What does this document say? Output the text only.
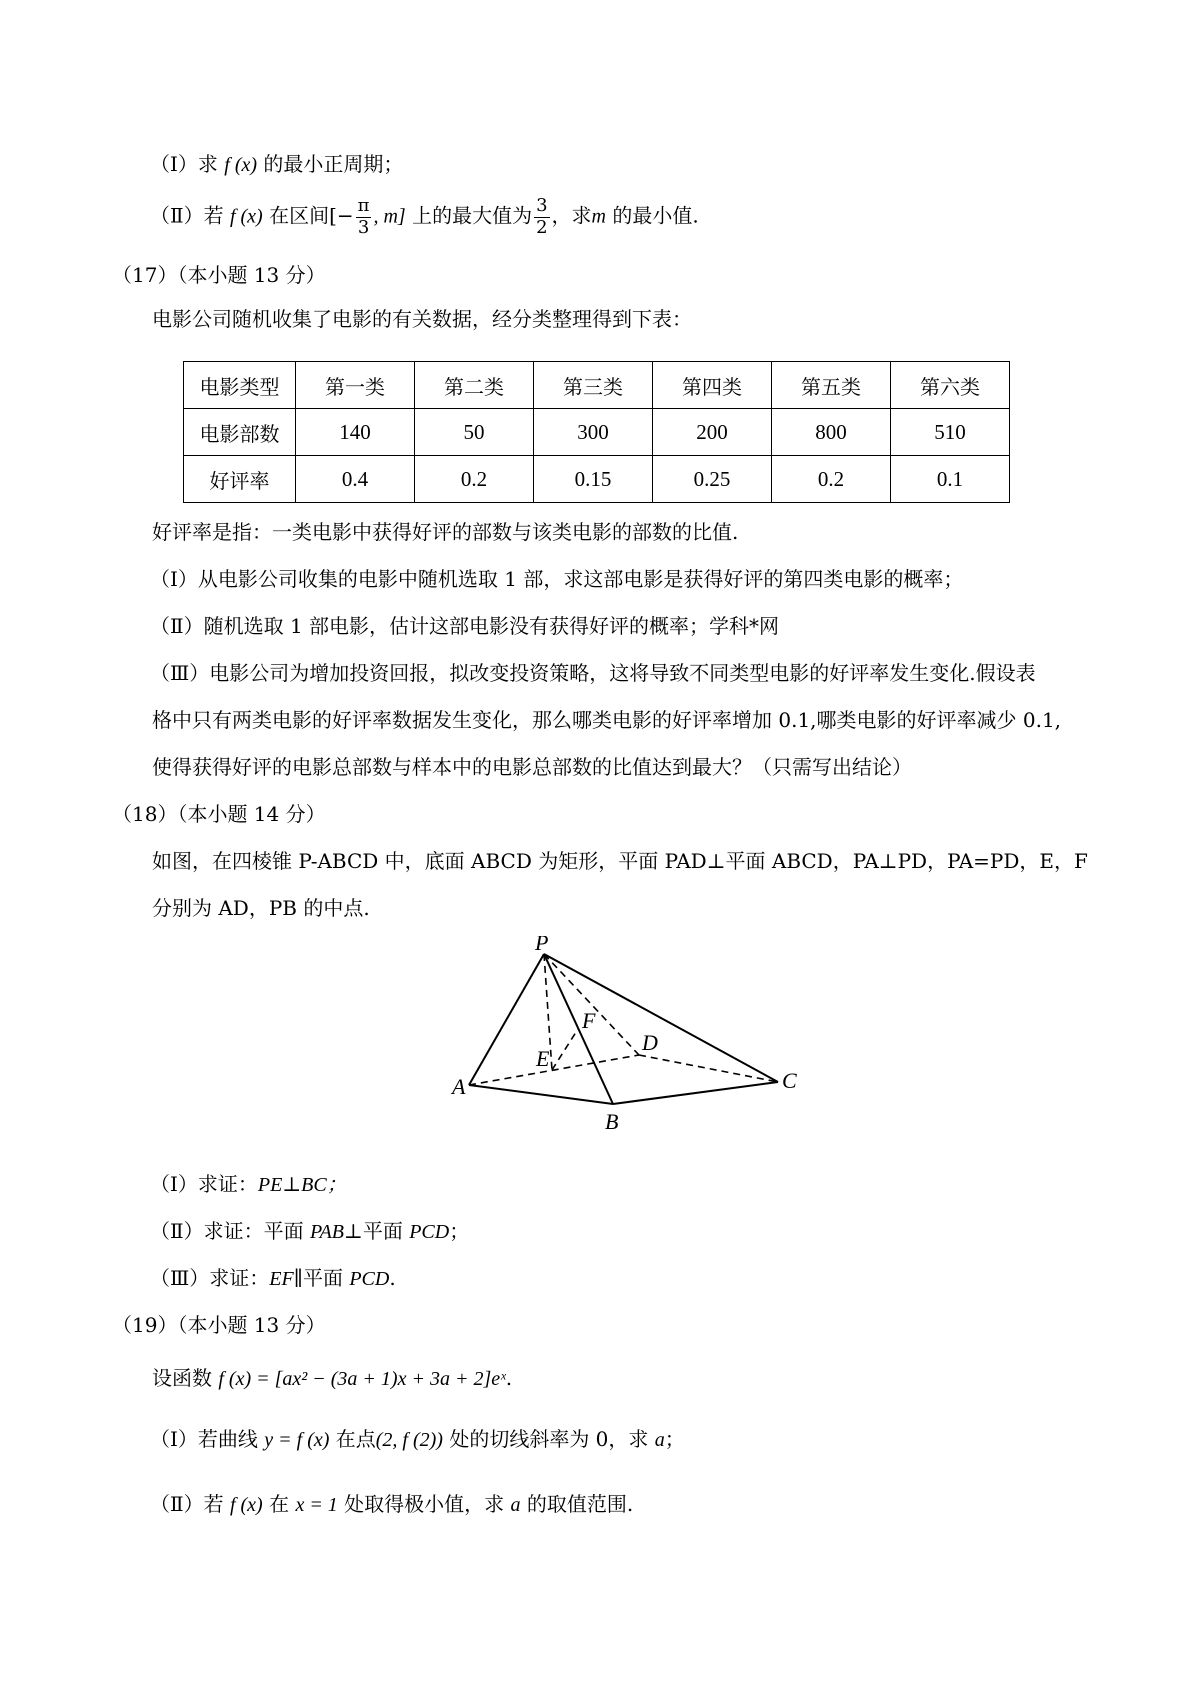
（Ⅰ）求 f (x) 的最小正周期；
（Ⅱ）若 f (x) 在区间[− $\frac{\pi}{3}$ , m] 上的最大值为 $\frac{3}{2}$ ，求m 的最小值.
（17）（本小题 13 分）
电影公司随机收集了电影的有关数据，经分类整理得到下表：
电影类型	第一类	第二类	第三类	第四类	第五类	第六类
电影部数	140	50	300	200	800	510
好评率	0.4	0.2	0.15	0.25	0.2	0.1
好评率是指：一类电影中获得好评的部数与该类电影的部数的比值.
（Ⅰ）从电影公司收集的电影中随机选取 1 部，求这部电影是获得好评的第四类电影的概率；
（Ⅱ）随机选取 1 部电影，估计这部电影没有获得好评的概率；学科*网
（Ⅲ）电影公司为增加投资回报，拟改变投资策略，这将导致不同类型电影的好评率发生变化.假设表
格中只有两类电影的好评率数据发生变化，那么哪类电影的好评率增加 0.1,哪类电影的好评率减少 0.1,
使得获得好评的电影总部数与样本中的电影总部数的比值达到最大？（只需写出结论）
（18）（本小题 14 分）
如图，在四棱锥 P-ABCD 中，底面 ABCD 为矩形，平面 PAD⊥平面 ABCD，PA⊥PD，PA=PD，E，F
分别为 AD，PB 的中点.
P
A
B
C
D
E
F
（Ⅰ）求证：PE⊥BC；
（Ⅱ）求证：平面 PAB⊥平面 PCD；
（Ⅲ）求证：EF∥平面 PCD.
（19）（本小题 13 分）
设函数 f (x) = [ax² − (3a + 1)x + 3a + 2]eˣ.
（Ⅰ）若曲线 y = f (x) 在点(2, f (2)) 处的切线斜率为 0，求 a；
（Ⅱ）若 f (x) 在 x = 1 处取得极小值，求 a 的取值范围.
